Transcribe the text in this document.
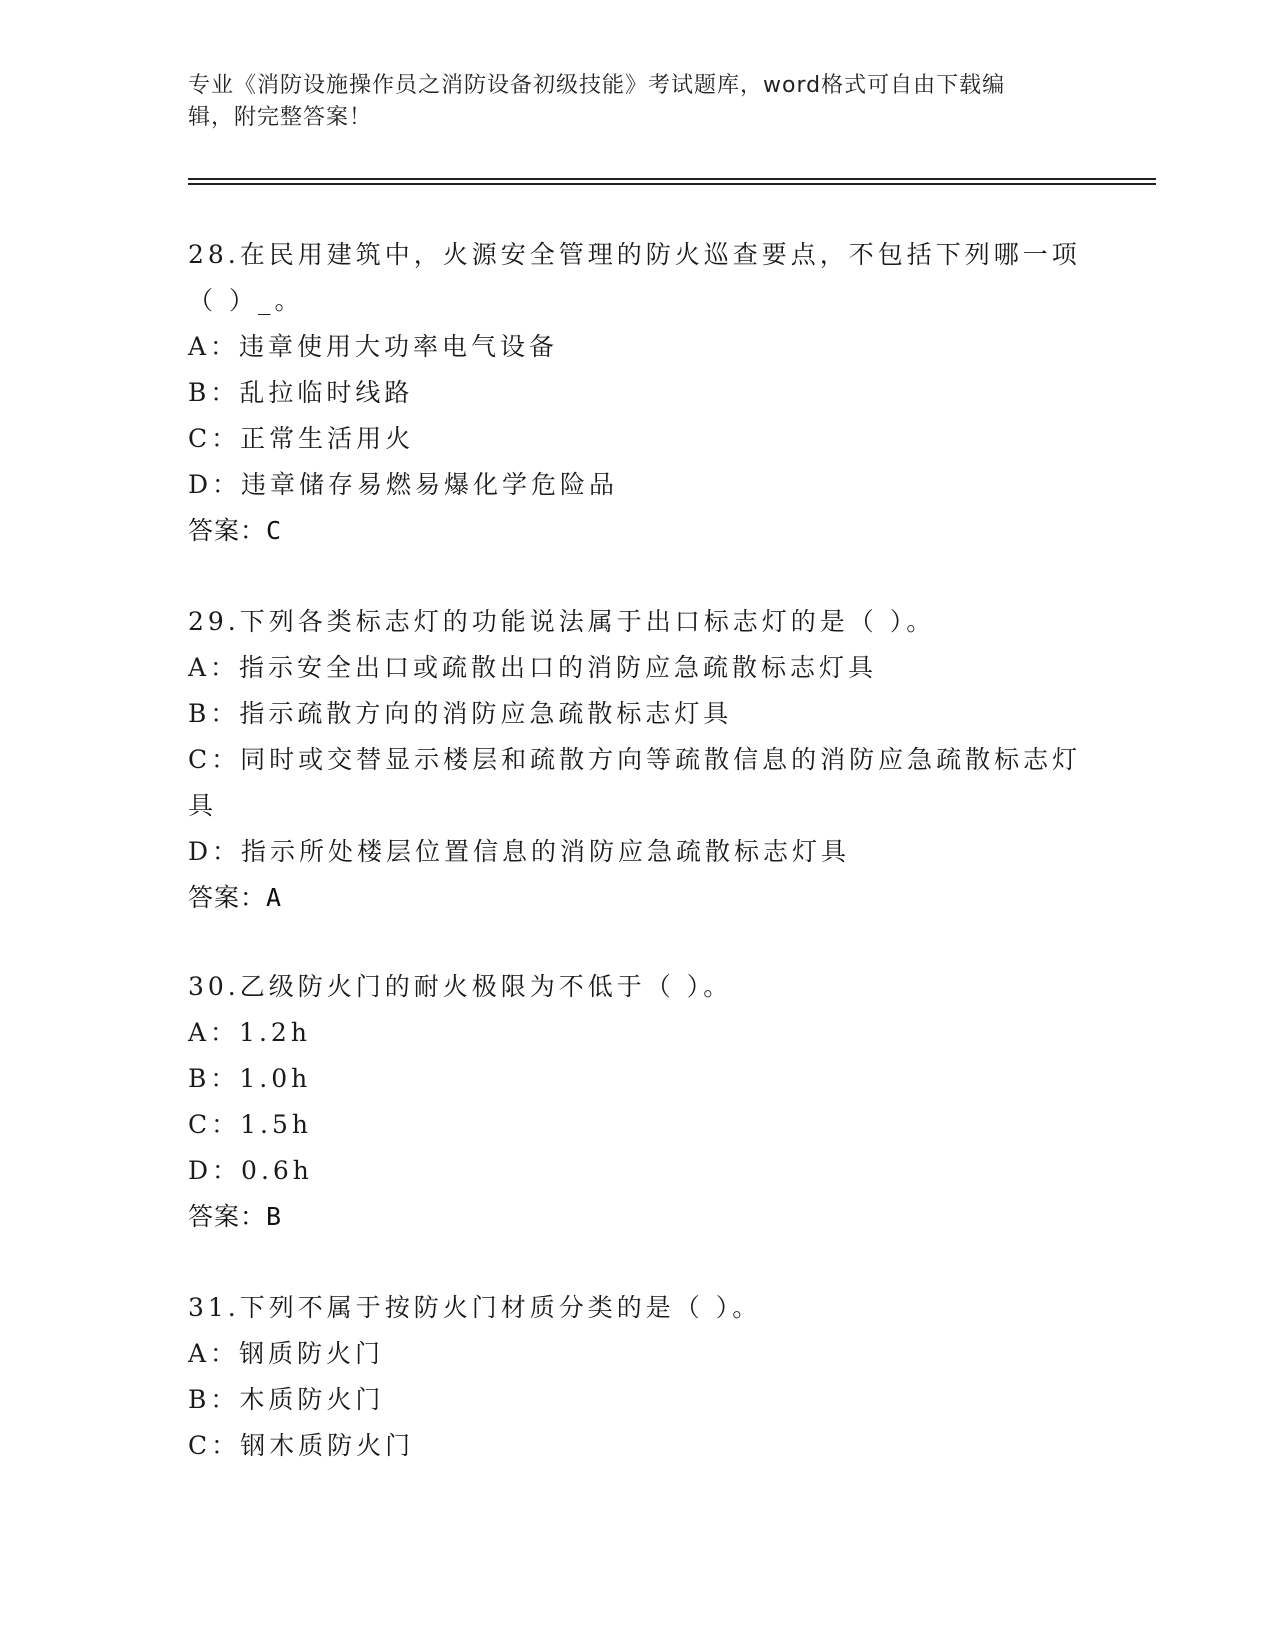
专业《消防设施操作员之消防设备初级技能》考试题库，word格式可自由下载编
辑，附完整答案！
28.在民用建筑中，火源安全管理的防火巡查要点，不包括下列哪一项
（ ）_。
A：违章使用大功率电气设备
B：乱拉临时线路
C：正常生活用火
D：违章储存易燃易爆化学危险品
答案：C
29.下列各类标志灯的功能说法属于出口标志灯的是（ ）。
A：指示安全出口或疏散出口的消防应急疏散标志灯具
B：指示疏散方向的消防应急疏散标志灯具
C：同时或交替显示楼层和疏散方向等疏散信息的消防应急疏散标志灯
具
D：指示所处楼层位置信息的消防应急疏散标志灯具
答案：A
30.乙级防火门的耐火极限为不低于（ ）。
A：1.2h
B：1.0h
C：1.5h
D：0.6h
答案：B
31.下列不属于按防火门材质分类的是（ ）。
A：钢质防火门
B：木质防火门
C：钢木质防火门
